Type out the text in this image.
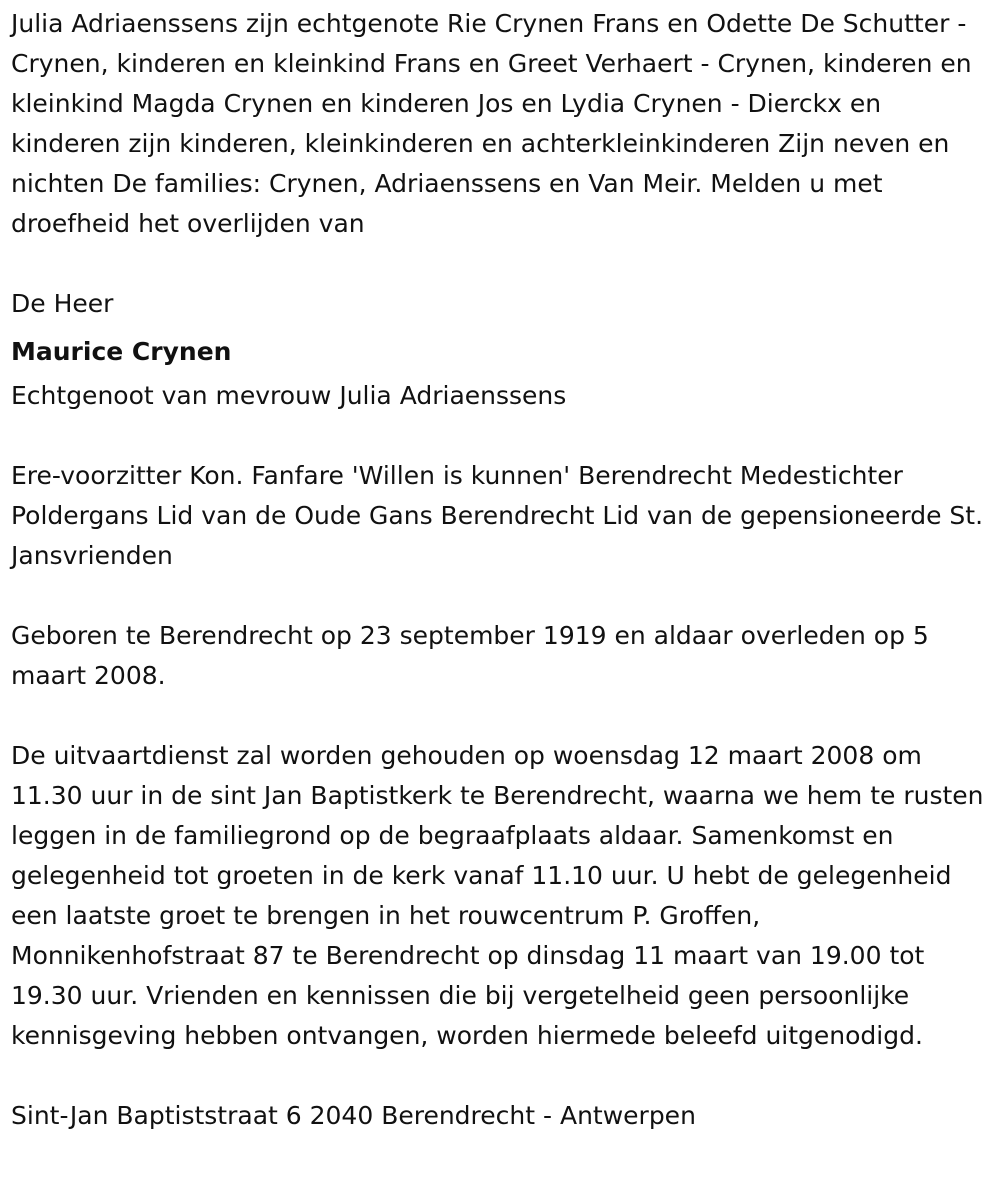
Julia Adriaenssens zijn echtgenote Rie Crynen Frans en Odette De Schutter - Crynen, kinderen en kleinkind Frans en Greet Verhaert - Crynen, kinderen en kleinkind Magda Crynen en kinderen Jos en Lydia Crynen - Dierckx en kinderen zijn kinderen, kleinkinderen en achterkleinkinderen Zijn neven en nichten De families: Crynen, Adriaenssens en Van Meir. Melden u met droefheid het overlijden van

De Heer

Maurice Crynen

Echtgenoot van mevrouw Julia Adriaenssens

Ere-voorzitter Kon. Fanfare 'Willen is kunnen' Berendrecht Medestichter Poldergans Lid van de Oude Gans Berendrecht Lid van de gepensioneerde St. Jansvrienden

Geboren te Berendrecht op 23 september 1919 en aldaar overleden op 5 maart 2008.

De uitvaartdienst zal worden gehouden op woensdag 12 maart 2008 om 11.30 uur in de sint Jan Baptistkerk te Berendrecht, waarna we hem te rusten leggen in de familiegrond op de begraafplaats aldaar. Samenkomst en gelegenheid tot groeten in de kerk vanaf 11.10 uur. U hebt de gelegenheid een laatste groet te brengen in het rouwcentrum P. Groffen, Monnikenhofstraat 87 te Berendrecht op dinsdag 11 maart van 19.00 tot 19.30 uur. Vrienden en kennissen die bij vergetelheid geen persoonlijke kennisgeving hebben ontvangen, worden hiermede beleefd uitgenodigd.

Sint-Jan Baptiststraat 6 2040 Berendrecht - Antwerpen
